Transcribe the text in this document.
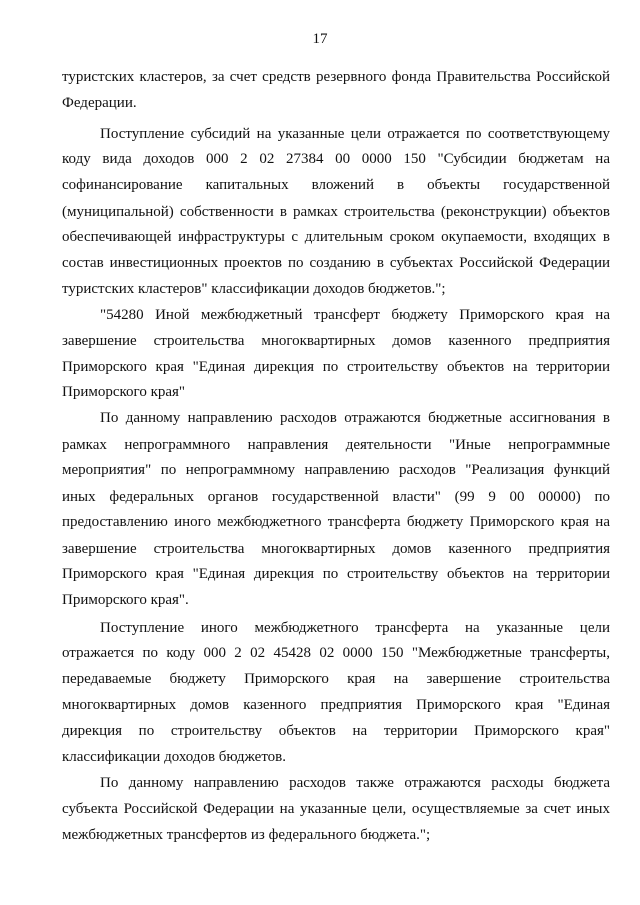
17
туристских кластеров, за счет средств резервного фонда Правительства Российской
Федерации.
Поступление субсидий на указанные цели отражается по соответствующему
коду вида доходов 000 2 02 27384 00 0000 150 "Субсидии бюджетам на
софинансирование капитальных вложений в объекты государственной
(муниципальной) собственности в рамках строительства (реконструкции) объектов
обеспечивающей инфраструктуры с длительным сроком окупаемости, входящих в
состав инвестиционных проектов по созданию в субъектах Российской Федерации
туристских кластеров" классификации доходов бюджетов.";
"54280 Иной межбюджетный трансферт бюджету Приморского края на
завершение строительства многоквартирных домов казенного предприятия
Приморского края "Единая дирекция по строительству объектов на территории
Приморского края"
По данному направлению расходов отражаются бюджетные ассигнования в
рамках непрограммного направления деятельности "Иные непрограммные
мероприятия" по непрограммному направлению расходов "Реализация функций
иных федеральных органов государственной власти" (99 9 00 00000) по
предоставлению иного межбюджетного трансферта бюджету Приморского края на
завершение строительства многоквартирных домов казенного предприятия
Приморского края "Единая дирекция по строительству объектов на территории
Приморского края".
Поступление иного межбюджетного трансферта на указанные цели
отражается по коду 000 2 02 45428 02 0000 150 "Межбюджетные трансферты,
передаваемые бюджету Приморского края на завершение строительства
многоквартирных домов казенного предприятия Приморского края "Единая
дирекция по строительству объектов на территории Приморского края"
классификации доходов бюджетов.
По данному направлению расходов также отражаются расходы бюджета
субъекта Российской Федерации на указанные цели, осуществляемые за счет иных
межбюджетных трансфертов из федерального бюджета.";
